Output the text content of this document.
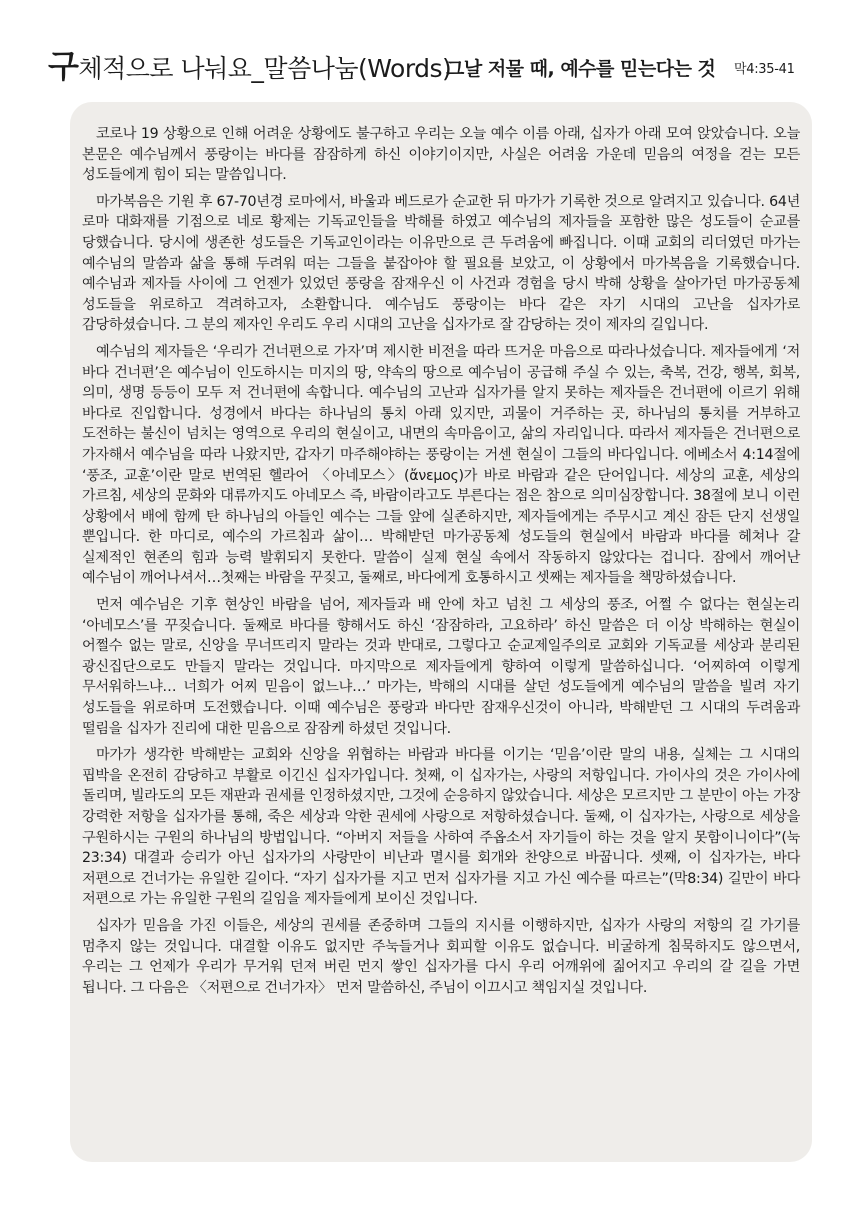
구체적으로 나눠요_말씀나눔(Words)
그날 저물 때, 예수를 믿는다는 것 막4:35-41

코로나 19 상황으로 인해 어려운 상황에도 불구하고 우리는 오늘 예수 이름 아래, 십자가 아래 모여 앉았습니다. 오늘 본문은 예수님께서 풍랑이는 바다를 잠잠하게 하신 이야기이지만, 사실은 어려움 가운데 믿음의 여정을 걷는 모든 성도들에게 힘이 되는 말씀입니다.

마가복음은 기원 후 67-70년경 로마에서, 바울과 베드로가 순교한 뒤 마가가 기록한 것으로 알려지고 있습니다. 64년 로마 대화재를 기점으로 네로 황제는 기독교인들을 박해를 하였고 예수님의 제자들을 포함한 많은 성도들이 순교를 당했습니다. 당시에 생존한 성도들은 기독교인이라는 이유만으로 큰 두려움에 빠집니다. 이때 교회의 리더였던 마가는 예수님의 말씀과 삶을 통해 두려워 떠는 그들을 붙잡아야 할 필요를 보았고, 이 상황에서 마가복음을 기록했습니다. 예수님과 제자들 사이에 그 언젠가 있었던 풍랑을 잠재우신 이 사건과 경험을 당시 박해 상황을 살아가던 마가공동체 성도들을 위로하고 격려하고자, 소환합니다. 예수님도 풍랑이는 바다 같은 자기 시대의 고난을 십자가로 감당하셨습니다. 그 분의 제자인 우리도 우리 시대의 고난을 십자가로 잘 감당하는 것이 제자의 길입니다.

예수님의 제자들은 ‘우리가 건너편으로 가자’며 제시한 비전을 따라 뜨거운 마음으로 따라나섰습니다. 제자들에게 ‘저 바다 건너편’은 예수님이 인도하시는 미지의 땅, 약속의 땅으로 예수님이 공급해 주실 수 있는, 축복, 건강, 행복, 회복, 의미, 생명 등등이 모두 저 건너편에 속합니다. 예수님의 고난과 십자가를 알지 못하는 제자들은 건너편에 이르기 위해 바다로 진입합니다. 성경에서 바다는 하나님의 통치 아래 있지만, 괴물이 거주하는 곳, 하나님의 통치를 거부하고 도전하는 불신이 넘치는 영역으로 우리의 현실이고, 내면의 속마음이고, 삶의 자리입니다. 따라서 제자들은 건너편으로 가자해서 예수님을 따라 나왔지만, 갑자기 마주해야하는 풍랑이는 거센 현실이 그들의 바다입니다. 에베소서 4:14절에 ‘풍조, 교훈’이란 말로 번역된 헬라어 〈아네모스〉(ἄνεμος)가 바로 바람과 같은 단어입니다. 세상의 교훈, 세상의 가르침, 세상의 문화와 대류까지도 아네모스 즉, 바람이라고도 부른다는 점은 참으로 의미심장합니다. 38절에 보니 이런 상황에서 배에 함께 탄 하나님의 아들인 예수는 그들 앞에 실존하지만, 제자들에게는 주무시고 계신 잠든 단지 선생일 뿐입니다. 한 마디로, 예수의 가르침과 삶이… 박해받던 마가공동체 성도들의 현실에서 바람과 바다를 헤쳐나 갈 실제적인 현존의 힘과 능력 발휘되지 못한다. 말씀이 실제 현실 속에서 작동하지 않았다는 겁니다. 잠에서 깨어난 예수님이 깨어나셔서…첫째는 바람을 꾸짖고, 둘째로, 바다에게 호통하시고 셋째는 제자들을 책망하셨습니다.

먼저 예수님은 기후 현상인 바람을 넘어, 제자들과 배 안에 차고 넘친 그 세상의 풍조, 어쩔 수 없다는 현실논리 ‘아네모스’를 꾸짖습니다. 둘째로 바다를 향해서도 하신 ‘잠잠하라, 고요하라’ 하신 말씀은 더 이상 박해하는 현실이 어쩔수 없는 말로, 신앙을 무너뜨리지 말라는 것과 반대로, 그렇다고 순교제일주의로 교회와 기독교를 세상과 분리된 광신집단으로도 만들지 말라는 것입니다. 마지막으로 제자들에게 향하여 이렇게 말씀하십니다. ‘어찌하여 이렇게 무서워하느냐… 너희가 어찌 믿음이 없느냐…’ 마가는, 박해의 시대를 살던 성도들에게 예수님의 말씀을 빌려 자기 성도들을 위로하며 도전했습니다. 이때 예수님은 풍랑과 바다만 잠재우신것이 아니라, 박해받던 그 시대의 두려움과 떨림을 십자가 진리에 대한 믿음으로 잠잠케 하셨던 것입니다.

마가가 생각한 박해받는 교회와 신앙을 위협하는 바람과 바다를 이기는 ‘믿음’이란 말의 내용, 실체는 그 시대의 핍박을 온전히 감당하고 부활로 이긴신 십자가입니다. 첫째, 이 십자가는, 사랑의 저항입니다. 가이사의 것은 가이사에 돌리며, 빌라도의 모든 재판과 권세를 인정하셨지만, 그것에 순응하지 않았습니다. 세상은 모르지만 그 분만이 아는 가장 강력한 저항을 십자가를 통해, 죽은 세상과 악한 권세에 사랑으로 저항하셨습니다. 둘째, 이 십자가는, 사랑으로 세상을 구원하시는 구원의 하나님의 방법입니다. “아버지 저들을 사하여 주옵소서 자기들이 하는 것을 알지 못함이니이다”(눅 23:34) 대결과 승리가 아닌 십자가의 사랑만이 비난과 멸시를 회개와 찬양으로 바꿉니다. 셋째, 이 십자가는, 바다 저편으로 건너가는 유일한 길이다. “자기 십자가를 지고 먼저 십자가를 지고 가신 예수를 따르는”(막8:34) 길만이 바다 저편으로 가는 유일한 구원의 길임을 제자들에게 보이신 것입니다.

십자가 믿음을 가진 이들은, 세상의 권세를 존중하며 그들의 지시를 이행하지만, 십자가 사랑의 저항의 길 가기를 멈추지 않는 것입니다. 대결할 이유도 없지만 주눅들거나 회피할 이유도 없습니다. 비굴하게 침묵하지도 않으면서, 우리는 그 언제가 우리가 무거워 던져 버린 먼지 쌓인 십자가를 다시 우리 어깨위에 짊어지고 우리의 갈 길을 가면 됩니다. 그 다음은 〈저편으로 건너가자〉 먼저 말씀하신, 주님이 이끄시고 책임지실 것입니다.
